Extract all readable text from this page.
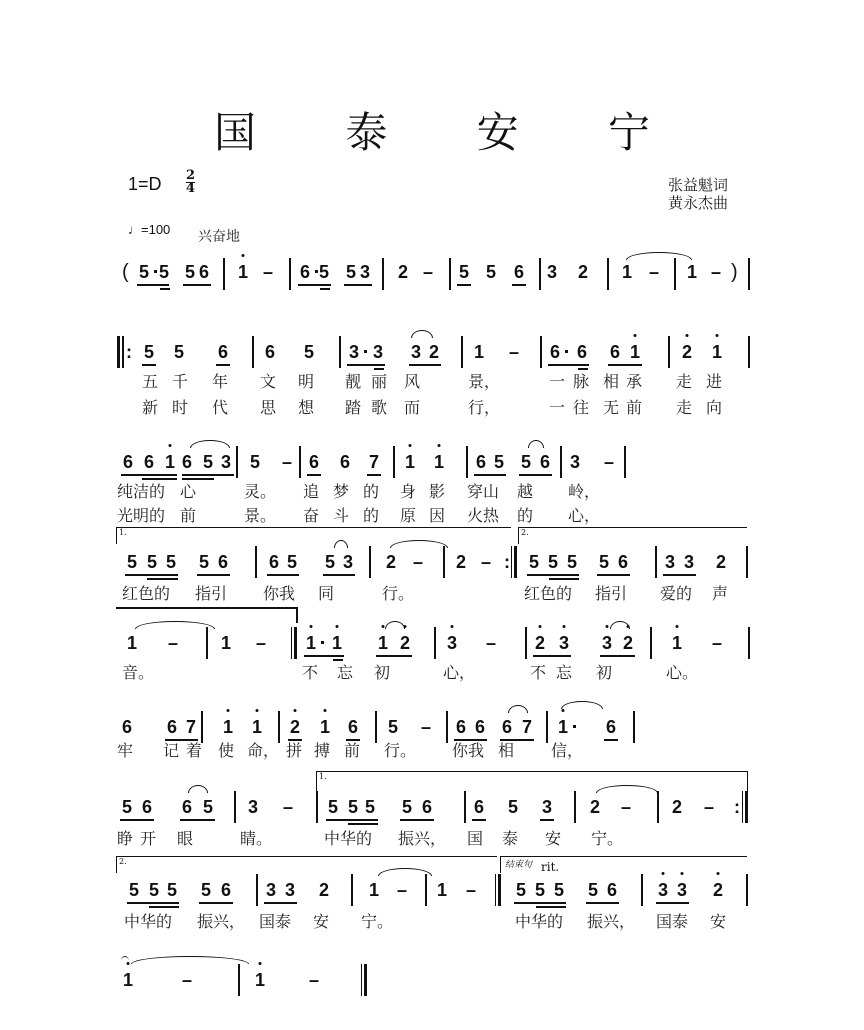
国 泰 安 宁
1=D 2
4	张益魁词
黄永杰曲
♩=100 兴奋地
( 5 5 5 6 1 – 6 5 5 3 2 – 5 5 6 3 2 1 – 1 – )
: 5 5 6 6 5 3 3 3 2 1 – 6 6 6 1 2 1
五 千 年 文 明 靓 丽 风	景，	一 脉 相 承 走 进
新 时 代 思 想 踏 歌 而	行，	一 往 无 前 走 向
6 6 1 6 5 3 5 – 6 6 7 1 1 6 5 5 6 3 –
纯洁的 心	灵。 追 梦 的 身 影 穿山 越 岭，
光明的 前	景。 奋 斗 的 原 因 火热 的 心，
1.	2.
5 5 5 5 6 6 5 5 3 2 – 2 – : 5 5 5 5 6 3 3 2
红色的 指引 你我 同	行。	红色的 指引 爱的 声
1 – 1 – 1 1 1 2 3 – 2 3 3 2 1 –
音。	不 忘 初	心，	不 忘 初	心。
6 6 7 1 1 2 1 6 5 – 6 6 6 7 1 6
牢 记 着 使 命， 拼 搏 前 行。 你我 相 信，
1.
5 6 6 5 3 – 5 5 5 5 6 6 5 3 2 – 2 – :
睁 开 眼	睛。	中华的 振兴， 国 泰 安 宁。
2.	结束句 rit.
5 5 5 5 6 3 3 2 1 – 1 – 5 5 5 5 6 3 3 2
中华的 振兴， 国泰 安 宁。	中华的 振兴， 国泰 安
1	–	1 –
